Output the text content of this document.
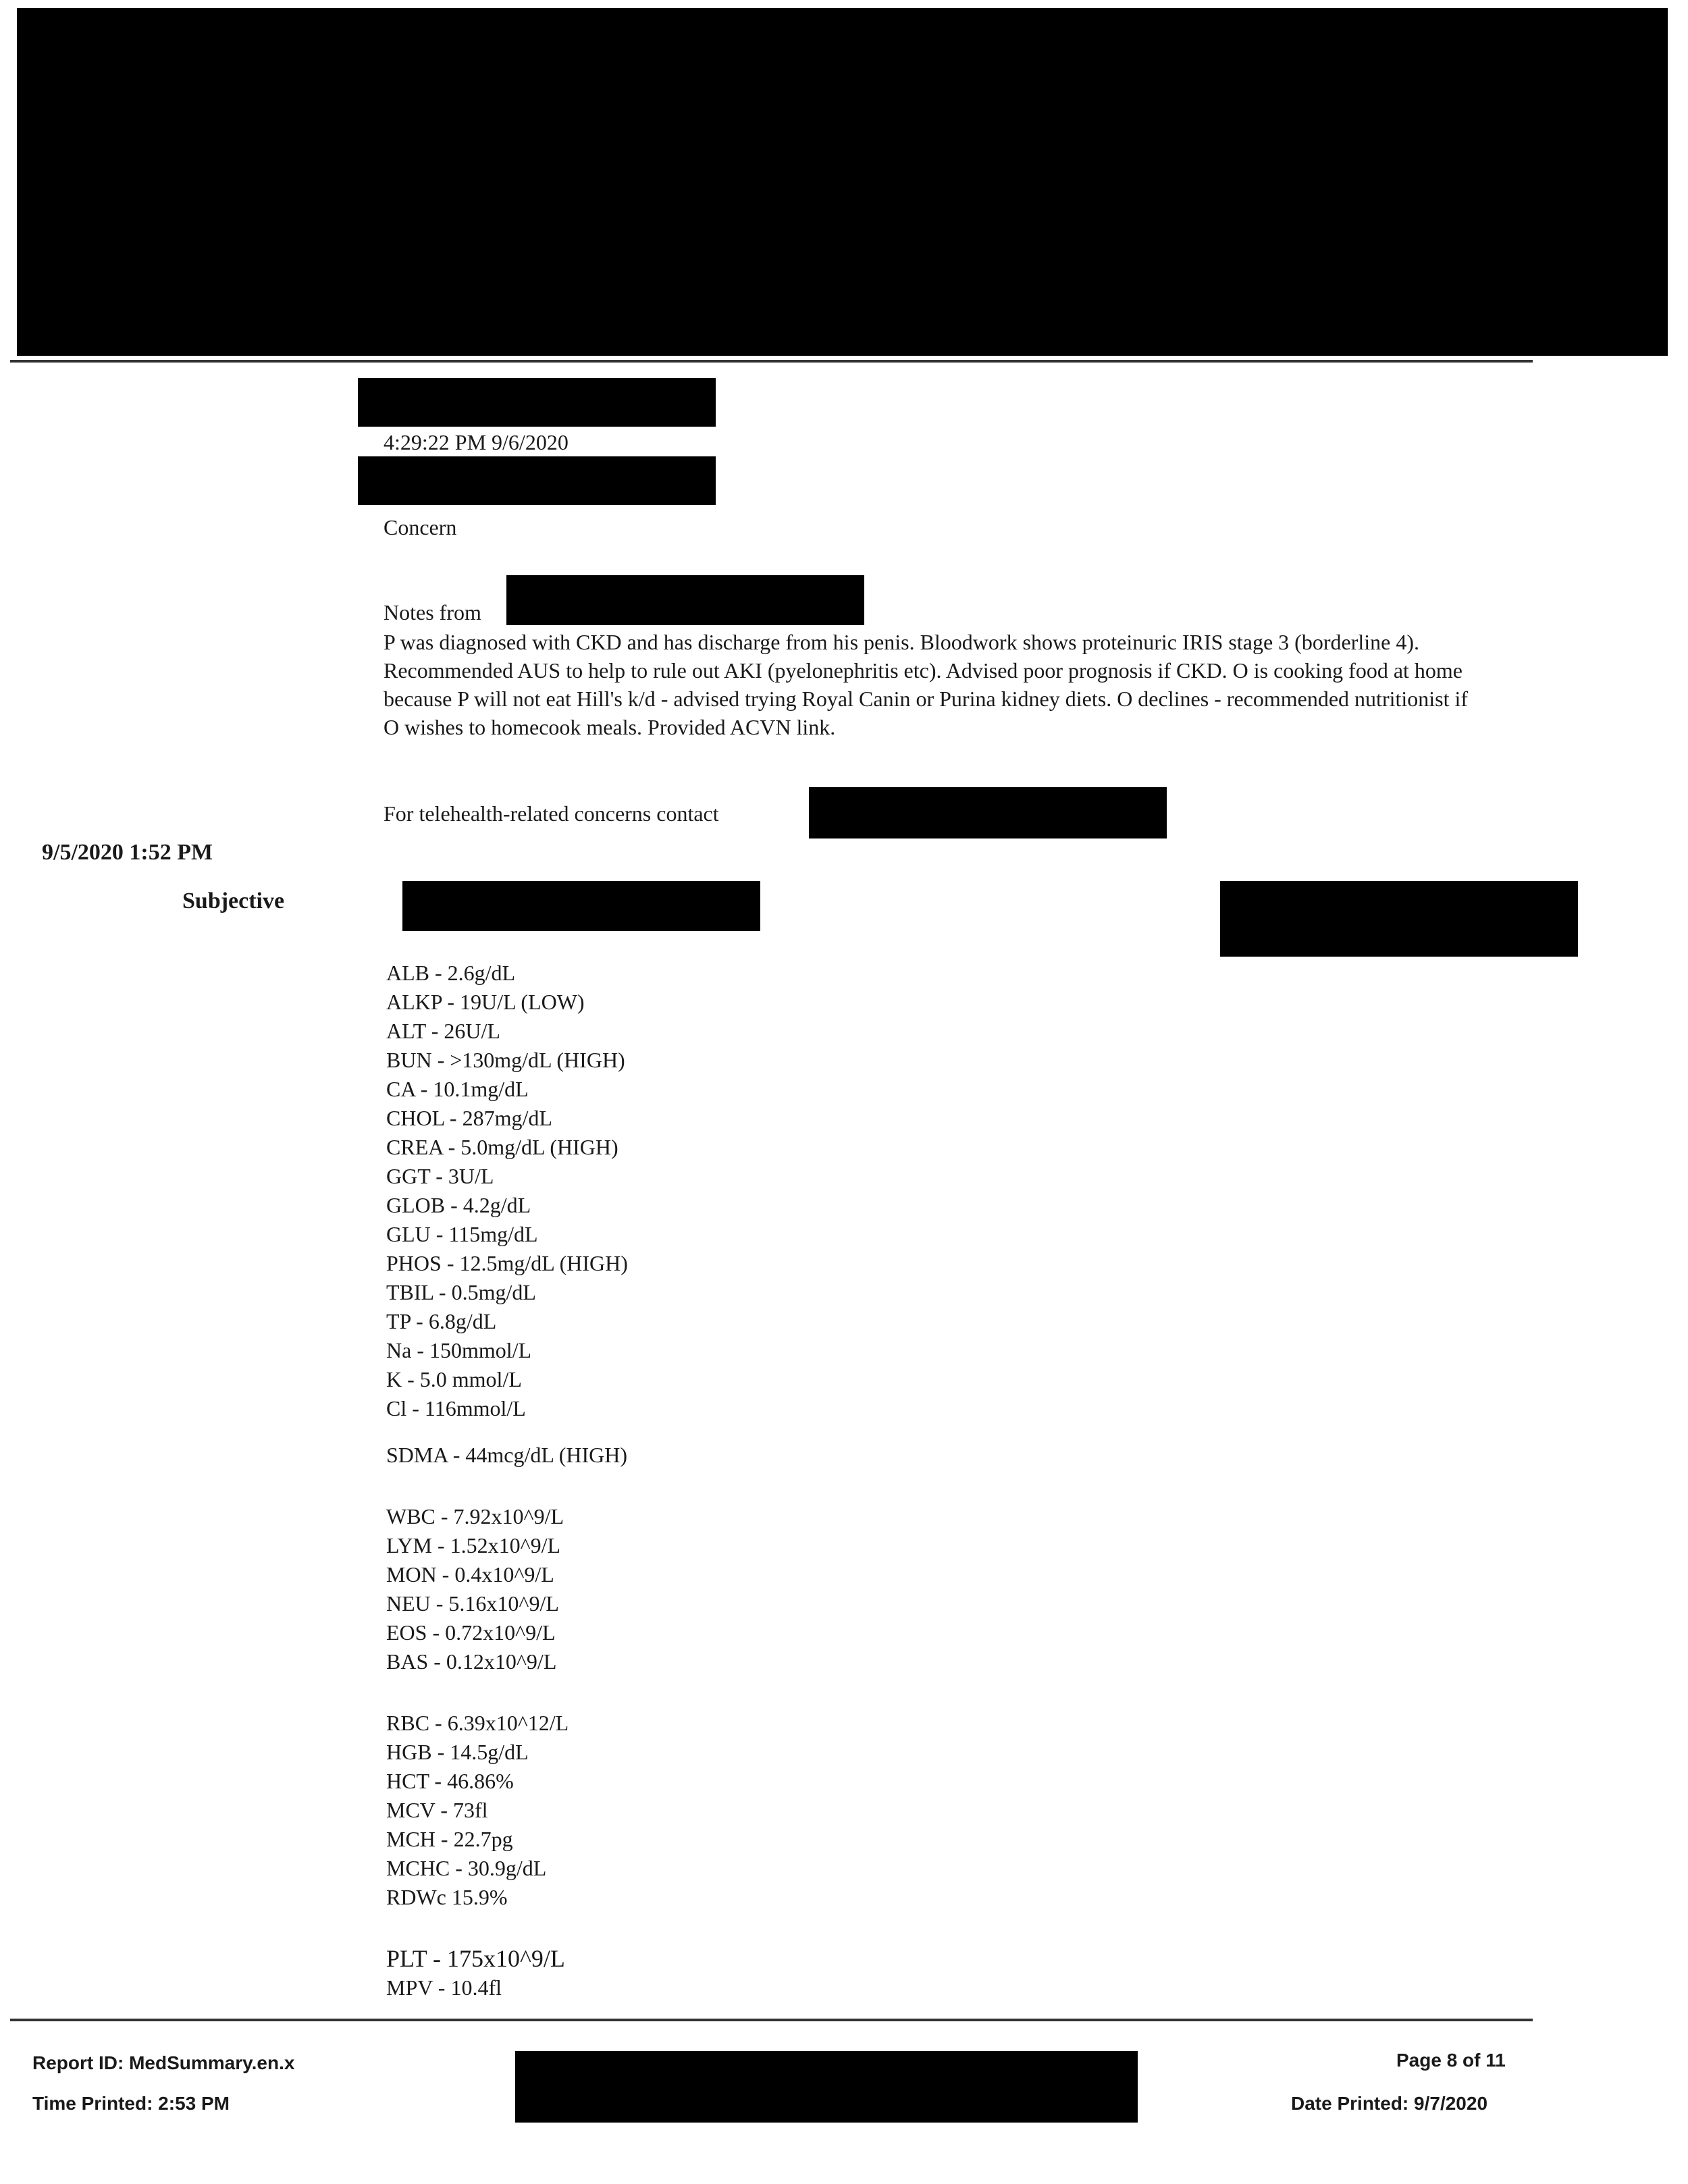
4:29:22 PM 9/6/2020
Concern
Notes from
P was diagnosed with CKD and has discharge from his penis. Bloodwork shows proteinuric IRIS stage 3 (borderline 4). Recommended AUS to help to rule out AKI (pyelonephritis etc). Advised poor prognosis if CKD. O is cooking food at home because P will not eat Hill's k/d - advised trying Royal Canin or Purina kidney diets. O declines - recommended nutritionist if O wishes to homecook meals. Provided ACVN link.
For telehealth-related concerns contact
9/5/2020 1:52 PM
Subjective
ALB - 2.6g/dL
ALKP - 19U/L (LOW)
ALT - 26U/L
BUN - >130mg/dL (HIGH)
CA - 10.1mg/dL
CHOL - 287mg/dL
CREA - 5.0mg/dL (HIGH)
GGT - 3U/L
GLOB - 4.2g/dL
GLU - 115mg/dL
PHOS - 12.5mg/dL (HIGH)
TBIL - 0.5mg/dL
TP - 6.8g/dL
Na - 150mmol/L
K - 5.0 mmol/L
Cl - 116mmol/L
SDMA - 44mcg/dL (HIGH)
WBC - 7.92x10^9/L
LYM - 1.52x10^9/L
MON - 0.4x10^9/L
NEU - 5.16x10^9/L
EOS - 0.72x10^9/L
BAS - 0.12x10^9/L
RBC - 6.39x10^12/L
HGB - 14.5g/dL
HCT - 46.86%
MCV - 73fl
MCH - 22.7pg
MCHC - 30.9g/dL
RDWc 15.9%
PLT - 175x10^9/L
MPV - 10.4fl
Report ID: MedSummary.en.x
Time Printed: 2:53 PM
Page 8 of 11
Date Printed: 9/7/2020
